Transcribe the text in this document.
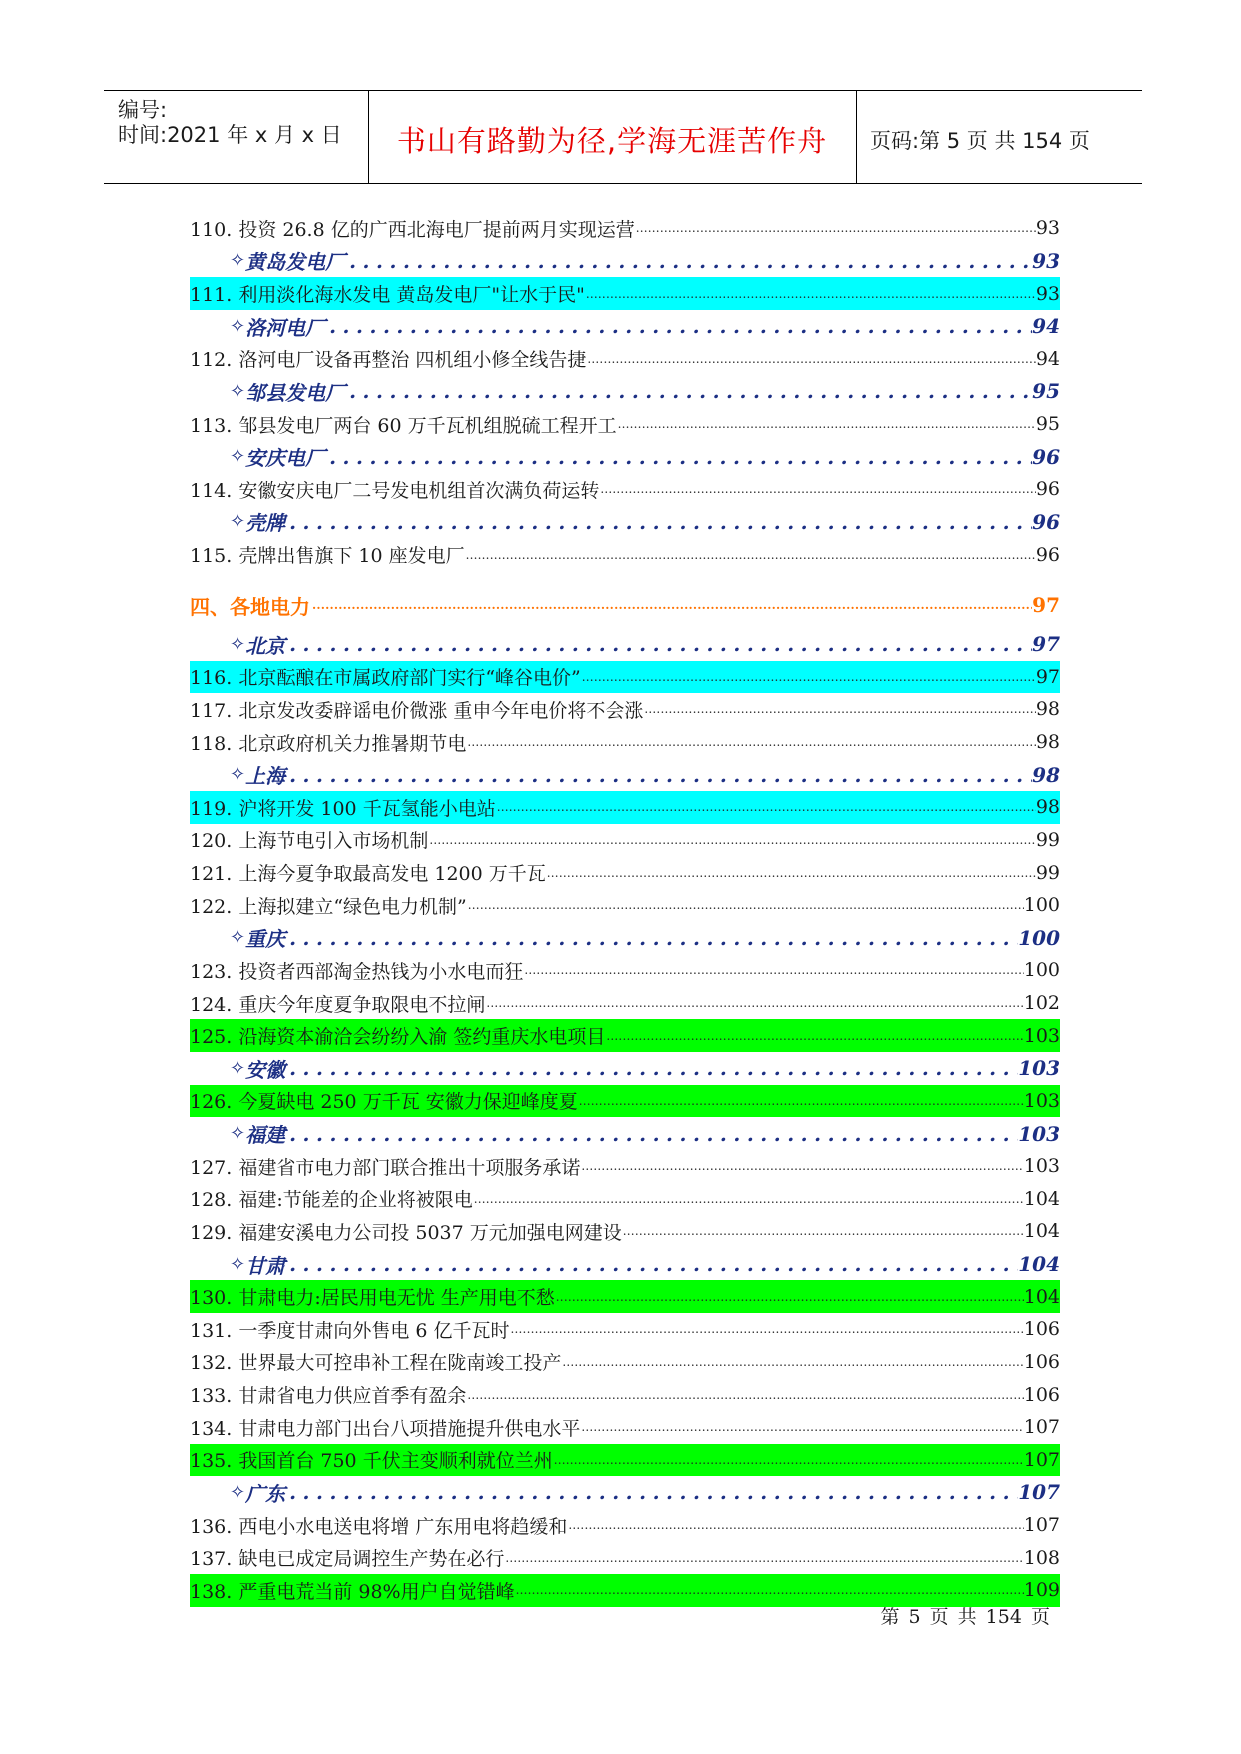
编号:
时间:2021 年 x 月 x 日	书山有路勤为径,学海无涯苦作舟	页码:第 5 页 共 154 页
110. 投资 26.8 亿的广西北海电厂提前两月实现运营 .....	93
✧ 黄岛发电厂 .....	93
111. 利用淡化海水发电 黄岛发电厂"让水于民" .....	93
✧ 洛河电厂 .....	94
112. 洛河电厂设备再整治 四机组小修全线告捷 .....	94
✧ 邹县发电厂 .....	95
113. 邹县发电厂两台 60 万千瓦机组脱硫工程开工 .....	95
✧ 安庆电厂 .....	96
114. 安徽安庆电厂二号发电机组首次满负荷运转 .....	96
✧ 壳牌 .....	96
115. 壳牌出售旗下 10 座发电厂 .....	96
四、各地电力 .....	97
✧ 北京 .....	97
116. 北京酝酿在市属政府部门实行“峰谷电价” .....	97
117. 北京发改委辟谣电价微涨 重申今年电价将不会涨 .....	98
118. 北京政府机关力推暑期节电 .....	98
✧ 上海 .....	98
119. 沪将开发 100 千瓦氢能小电站 .....	98
120. 上海节电引入市场机制 .....	99
121. 上海今夏争取最高发电 1200 万千瓦 .....	99
122. 上海拟建立“绿色电力机制” .....	100
✧ 重庆 .....	100
123. 投资者西部淘金热钱为小水电而狂 .....	100
124. 重庆今年度夏争取限电不拉闸 .....	102
125. 沿海资本渝洽会纷纷入渝 签约重庆水电项目 .....	103
✧ 安徽 .....	103
126. 今夏缺电 250 万千瓦 安徽力保迎峰度夏 .....	103
✧ 福建 .....	103
127. 福建省市电力部门联合推出十项服务承诺 .....	103
128. 福建:节能差的企业将被限电 .....	104
129. 福建安溪电力公司投 5037 万元加强电网建设 .....	104
✧ 甘肃 .....	104
130. 甘肃电力:居民用电无忧 生产用电不愁 .....	104
131. 一季度甘肃向外售电 6 亿千瓦时 .....	106
132. 世界最大可控串补工程在陇南竣工投产 .....	106
133. 甘肃省电力供应首季有盈余 .....	106
134. 甘肃电力部门出台八项措施提升供电水平 .....	107
135. 我国首台 750 千伏主变顺利就位兰州 .....	107
✧ 广东 .....	107
136. 西电小水电送电将增 广东用电将趋缓和 .....	107
137. 缺电已成定局调控生产势在必行 .....	108
138. 严重电荒当前 98%用户自觉错峰 .....	109
第 5 页 共 154 页
